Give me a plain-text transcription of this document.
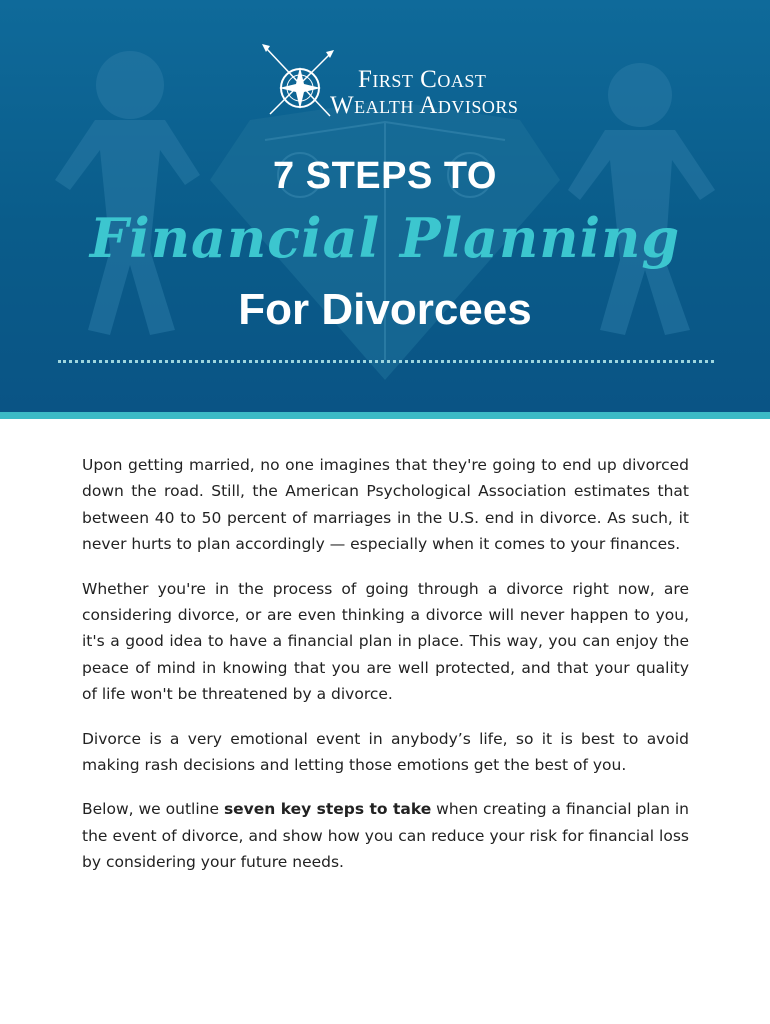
First Coast
Wealth Advisors
7 STEPS TO
Financial Planning
For Divorcees

Upon getting married, no one imagines that they're going to end up divorced down the road. Still, the American Psychological Association estimates that between 40 to 50 percent of marriages in the U.S. end in divorce. As such, it never hurts to plan accordingly — especially when it comes to your finances.

Whether you're in the process of going through a divorce right now, are considering divorce, or are even thinking a divorce will never happen to you, it's a good idea to have a financial plan in place. This way, you can enjoy the peace of mind in knowing that you are well protected, and that your quality of life won't be threatened by a divorce.

Divorce is a very emotional event in anybody’s life, so it is best to avoid making rash decisions and letting those emotions get the best of you.

Below, we outline seven key steps to take when creating a financial plan in the event of divorce, and show how you can reduce your risk for financial loss by considering your future needs.
